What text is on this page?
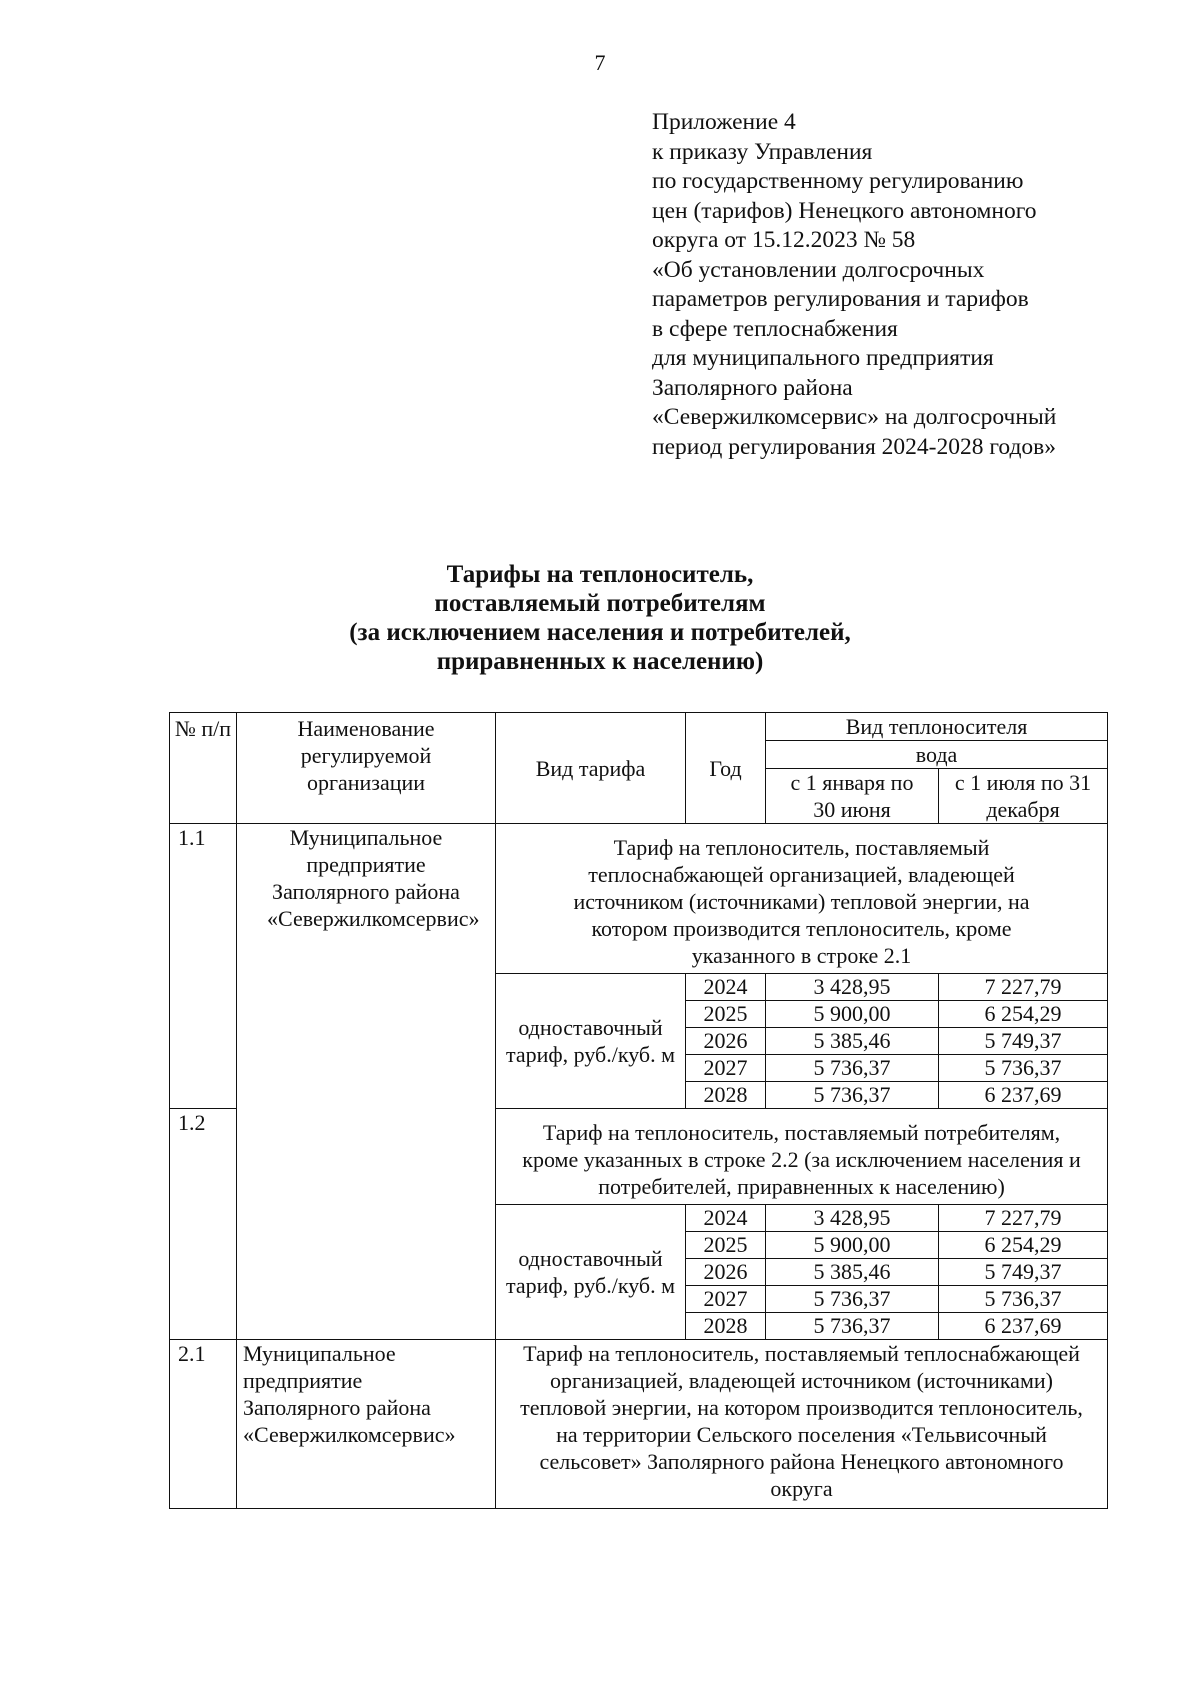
7
Приложение 4
к приказу Управления
по государственному регулированию
цен (тарифов) Ненецкого автономного
округа от 15.12.2023 № 58
«Об установлении долгосрочных
параметров регулирования и тарифов
в сфере теплоснабжения
для муниципального предприятия
Заполярного района
«Севержилкомсервис» на долгосрочный
период регулирования 2024-2028 годов»
Тарифы на теплоноситель,
поставляемый потребителям
(за исключением населения и потребителей,
приравненных к населению)
№ п/п	Наименование регулируемой организации	Вид тарифа	Год	Вид теплоносителя	
				вода	
				с 1 января по 30 июня	с 1 июля по 31 декабря
1.1	Муниципальное предприятие Заполярного района «Севержилкомсервис»	Тариф на теплоноситель, поставляемый теплоснабжающей организацией, владеющей источником (источниками) тепловой энергии, на котором производится теплоноситель, кроме указанного в строке 2.1			
		одноставочный тариф, руб./куб. м	2024	3 428,95	7 227,79
			2025	5 900,00	6 254,29
			2026	5 385,46	5 749,37
			2027	5 736,37	5 736,37
			2028	5 736,37	6 237,69
1.2		Тариф на теплоноситель, поставляемый потребителям, кроме указанных в строке 2.2 (за исключением населения и потребителей, приравненных к населению)			
		одноставочный тариф, руб./куб. м	2024	3 428,95	7 227,79
			2025	5 900,00	6 254,29
			2026	5 385,46	5 749,37
			2027	5 736,37	5 736,37
			2028	5 736,37	6 237,69
2.1	Муниципальное предприятие Заполярного района «Севержилкомсервис»	Тариф на теплоноситель, поставляемый теплоснабжающей организацией, владеющей источником (источниками) тепловой энергии, на котором производится теплоноситель, на территории Сельского поселения «Тельвисочный сельсовет» Заполярного района Ненецкого автономного округа			
